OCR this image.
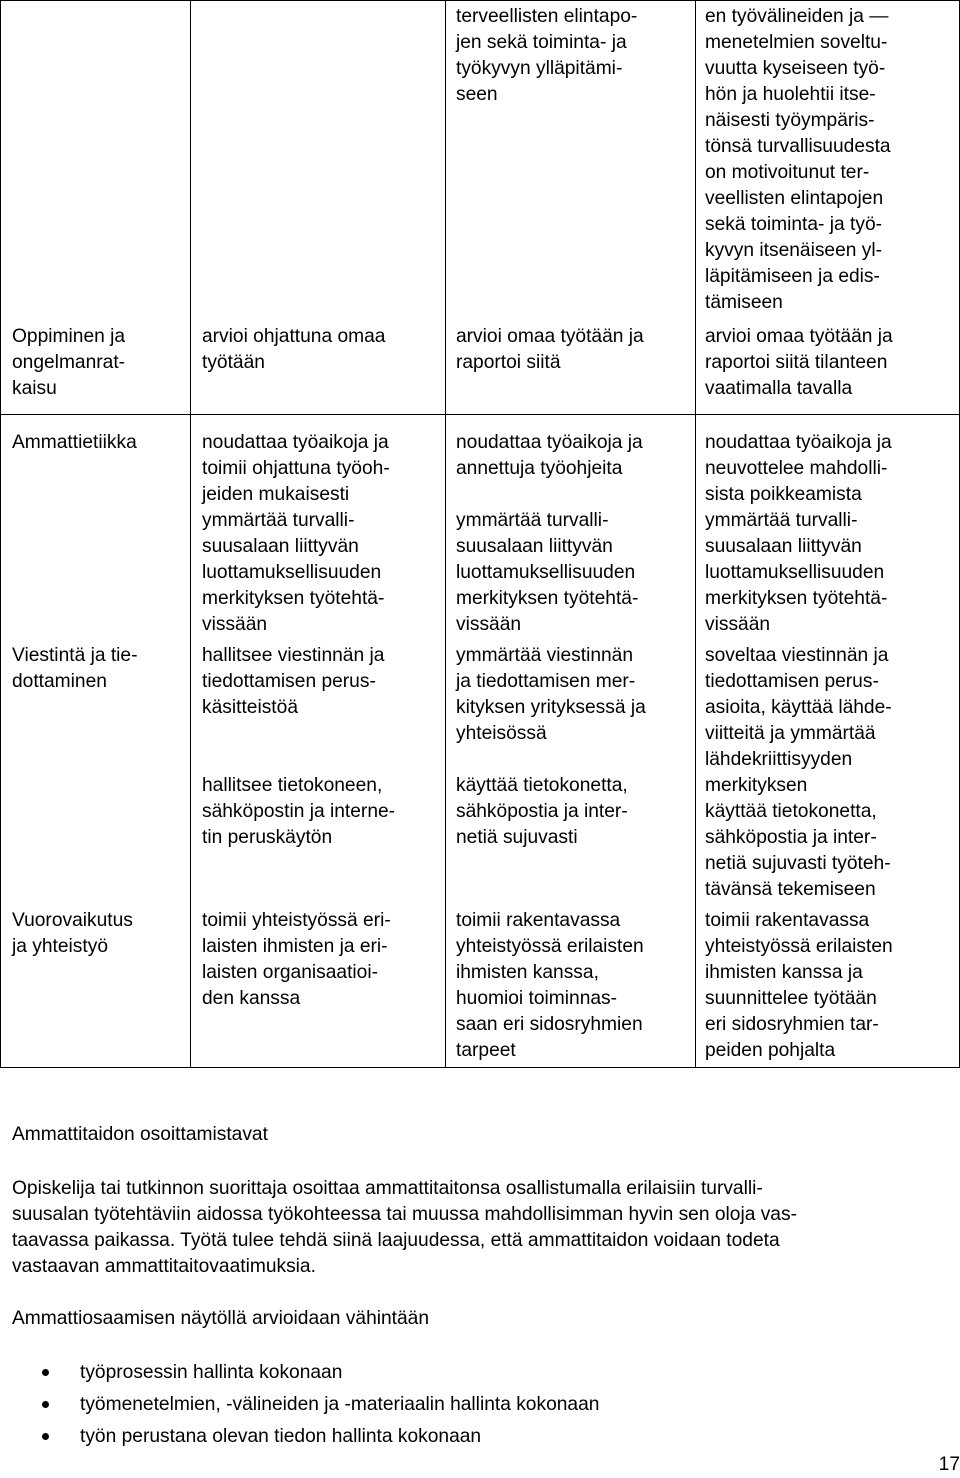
terveellisten elintapo-
jen sekä toiminta- ja
työkyvyn ylläpitämi-
seen
en työvälineiden ja —
menetelmien soveltu-
vuutta kyseiseen työ-
hön ja huolehtii itse-
näisesti työympäris-
tönsä turvallisuudesta
on motivoitunut ter-
veellisten elintapojen
sekä toiminta- ja työ-
kyvyn itsenäiseen yl-
läpitämiseen ja edis-
tämiseen
Oppiminen ja
ongelmanrat-
kaisu
arvioi ohjattuna omaa
työtään
arvioi omaa työtään ja
raportoi siitä
arvioi omaa työtään ja
raportoi siitä tilanteen
vaatimalla tavalla
Ammattietiikka	noudattaa työaikoja ja
toimii ohjattuna työoh-
jeiden mukaisesti
ymmärtää turvalli-
suusalaan liittyvän
luottamuksellisuuden
merkityksen työtehtä-
vissään
noudattaa työaikoja ja
annettuja työohjeita

ymmärtää turvalli-
suusalaan liittyvän
luottamuksellisuuden
merkityksen työtehtä-
vissään
noudattaa työaikoja ja
neuvottelee mahdolli-
sista poikkeamista
ymmärtää turvalli-
suusalaan liittyvän
luottamuksellisuuden
merkityksen työtehtä-
vissään
Viestintä ja tie-
dottaminen
hallitsee viestinnän ja
tiedottamisen perus-
käsitteistöä

hallitsee tietokoneen,
sähköpostin ja interne-
tin peruskäytön
ymmärtää viestinnän
ja tiedottamisen mer-
kityksen yrityksessä ja
yhteisössä

käyttää tietokonetta,
sähköpostia ja inter-
netiä sujuvasti
soveltaa viestinnän ja
tiedottamisen perus-
asioita, käyttää lähde-
viitteitä ja ymmärtää
lähdekriittisyyden
merkityksen
käyttää tietokonetta,
sähköpostia ja inter-
netiä sujuvasti työteh-
tävänsä tekemiseen
Vuorovaikutus
ja yhteistyö
toimii yhteistyössä eri-
laisten ihmisten ja eri-
laisten organisaatioi-
den kanssa
toimii rakentavassa
yhteistyössä erilaisten
ihmisten kanssa,
huomioi toiminnas-
saan eri sidosryhmien
tarpeet
toimii rakentavassa
yhteistyössä erilaisten
ihmisten kanssa ja
suunnittelee työtään
eri sidosryhmien tar-
peiden pohjalta
Ammattitaidon osoittamistavat
Opiskelija tai tutkinnon suorittaja osoittaa ammattitaitonsa osallistumalla erilaisiin turvalli-
suusalan työtehtäviin aidossa työkohteessa tai muussa mahdollisimman hyvin sen oloja vas-
taavassa paikassa. Työtä tulee tehdä siinä laajuudessa, että ammattitaidon voidaan todeta
vastaavan ammattitaitovaatimuksia.
Ammattiosaamisen näytöllä arvioidaan vähintään
työprosessin hallinta kokonaan
työmenetelmien, -välineiden ja -materiaalin hallinta kokonaan
työn perustana olevan tiedon hallinta kokonaan
17
